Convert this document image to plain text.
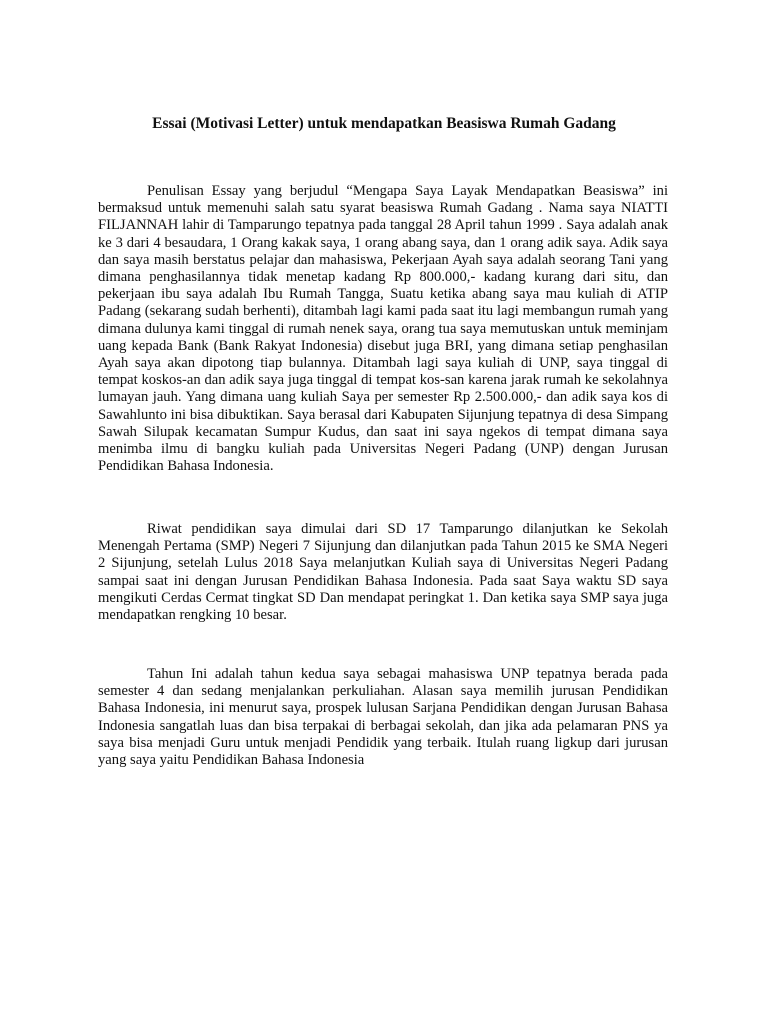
Essai (Motivasi Letter) untuk mendapatkan Beasiswa Rumah Gadang

Penulisan Essay yang berjudul “Mengapa Saya Layak Mendapatkan Beasiswa” ini bermaksud untuk memenuhi salah satu syarat beasiswa Rumah Gadang . Nama saya NIATTI FILJANNAH lahir di Tamparungo tepatnya pada tanggal 28 April tahun 1999 . Saya adalah anak ke 3 dari 4 besaudara, 1 Orang kakak saya, 1 orang abang saya, dan 1 orang adik saya. Adik saya dan saya masih berstatus pelajar dan mahasiswa, Pekerjaan Ayah saya adalah seorang Tani yang dimana penghasilannya tidak menetap kadang Rp 800.000,- kadang kurang dari situ, dan pekerjaan ibu saya adalah Ibu Rumah Tangga, Suatu ketika abang saya mau kuliah di ATIP Padang (sekarang sudah berhenti), ditambah lagi kami pada saat itu lagi membangun rumah yang dimana dulunya kami tinggal di rumah nenek saya, orang tua saya memutuskan untuk meminjam uang kepada Bank (Bank Rakyat Indonesia) disebut juga BRI, yang dimana setiap penghasilan Ayah saya akan dipotong tiap bulannya. Ditambah lagi saya kuliah di UNP, saya tinggal di tempat koskos-an dan adik saya juga tinggal di tempat kos-san karena jarak rumah ke sekolahnya lumayan jauh. Yang dimana uang kuliah Saya per semester Rp 2.500.000,- dan adik saya kos di Sawahlunto ini bisa dibuktikan. Saya berasal dari Kabupaten Sijunjung tepatnya di desa Simpang Sawah Silupak kecamatan Sumpur Kudus, dan saat ini saya ngekos di tempat dimana saya menimba ilmu di bangku kuliah pada Universitas Negeri Padang (UNP) dengan Jurusan Pendidikan Bahasa Indonesia.

Riwat pendidikan saya dimulai dari SD 17 Tamparungo dilanjutkan ke Sekolah Menengah Pertama (SMP) Negeri 7 Sijunjung dan dilanjutkan pada Tahun 2015 ke SMA Negeri 2 Sijunjung, setelah Lulus 2018 Saya melanjutkan Kuliah saya di Universitas Negeri Padang sampai saat ini dengan Jurusan Pendidikan Bahasa Indonesia. Pada saat Saya waktu SD saya mengikuti Cerdas Cermat tingkat SD Dan mendapat peringkat 1. Dan ketika saya SMP saya juga mendapatkan rengking 10 besar.

Tahun Ini adalah tahun kedua saya sebagai mahasiswa UNP tepatnya berada pada semester 4 dan sedang menjalankan perkuliahan. Alasan saya memilih jurusan Pendidikan Bahasa Indonesia, ini menurut saya, prospek lulusan Sarjana Pendidikan dengan Jurusan Bahasa Indonesia sangatlah luas dan bisa terpakai di berbagai sekolah, dan jika ada pelamaran PNS ya saya bisa menjadi Guru untuk menjadi Pendidik yang terbaik. Itulah ruang ligkup dari jurusan yang saya yaitu Pendidikan Bahasa Indonesia
